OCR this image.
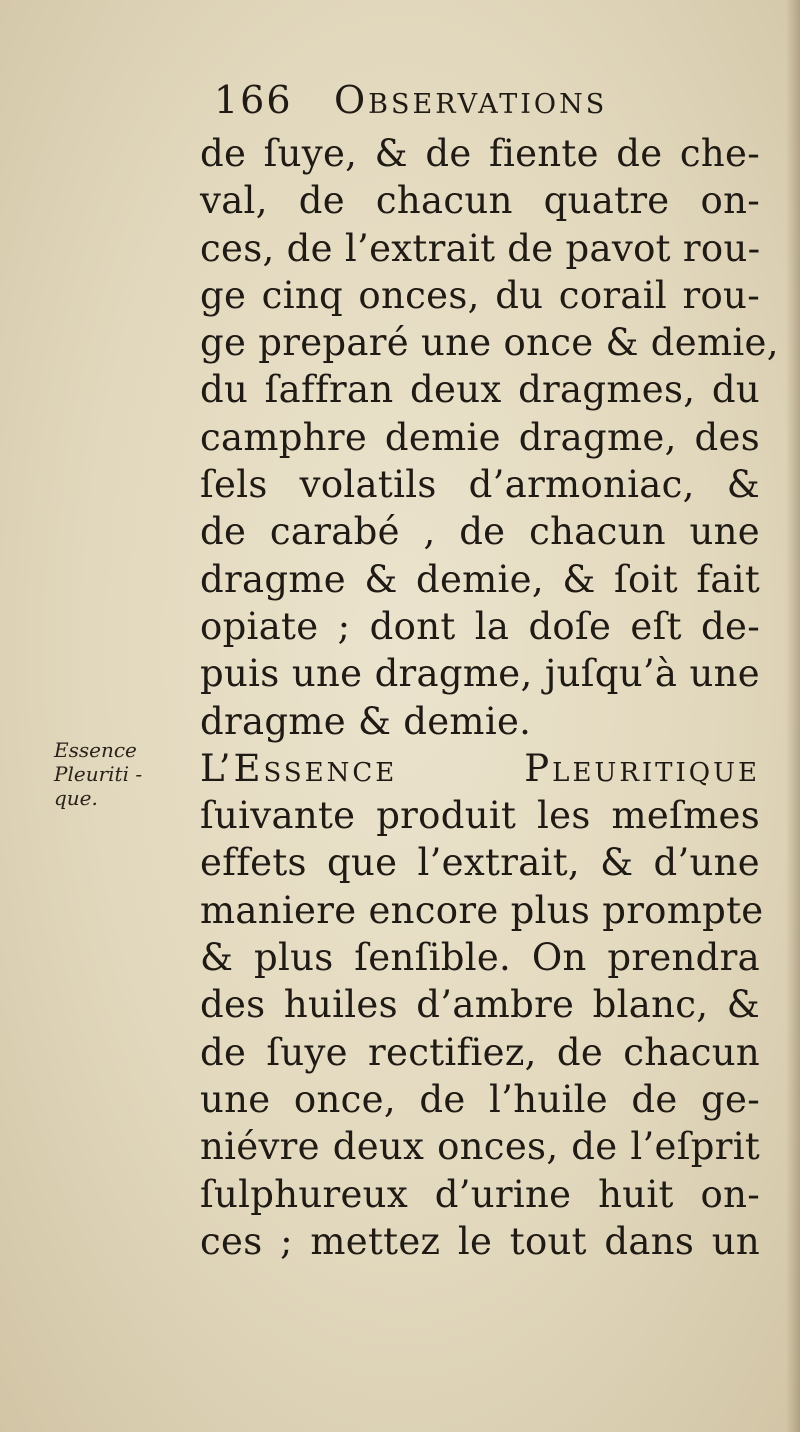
166 Observations
Essence
Pleuriti -
que.
de ſuye, & de fiente de che-
val, de chacun quatre on-
ces, de l’extrait de pavot rou-
ge cinq onces, du corail rou-
ge preparé une once & demie,
du ſaffran deux dragmes, du
camphre demie dragme, des
ſels volatils d’armoniac, &
de carabé , de chacun une
dragme & demie, & ſoit fait
opiate ; dont la doſe eſt de-
puis une dragme, juſqu’à une
dragme & demie.
L’Essence Pleuritique
ſuivante produit les meſmes
effets que l’extrait, & d’une
maniere encore plus prompte
& plus ſenſible. On prendra
des huiles d’ambre blanc, &
de ſuye rectifiez, de chacun
une once, de l’huile de ge-
niévre deux onces, de l’eſprit
ſulphureux d’urine huit on-
ces ; mettez le tout dans un
